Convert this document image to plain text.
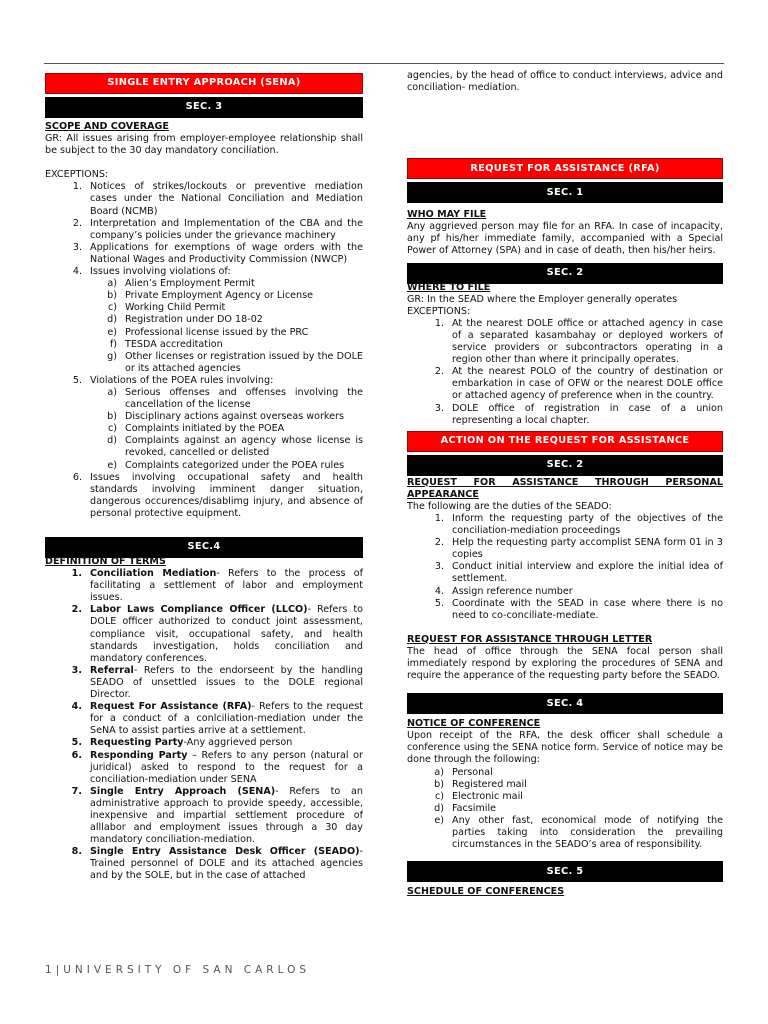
SINGLE ENTRY APPROACH (SENA)
SEC. 3
SCOPE AND COVERAGE
GR: All issues arising from employer-employee relationship shall be subject to the 30 day mandatory conciliation.
EXCEPTIONS:
1. Notices of strikes/lockouts or preventive mediation cases under the National Conciliation and Mediation Board (NCMB)
2. Interpretation and Implementation of the CBA and the company’s policies under the grievance machinery
3. Applications for exemptions of wage orders with the National Wages and Productivity Commission (NWCP)
4. Issues involving violations of:
a) Alien’s Employment Permit
b) Private Employment Agency or License
c) Working Child Permit
d) Registration under DO 18-02
e) Professional license issued by the PRC
f) TESDA accreditation
g) Other licenses or registration issued by the DOLE or its attached agencies
5. Violations of the POEA rules involving:
a) Serious offenses and offenses involving the cancellation of the license
b) Disciplinary actions against overseas workers
c) Complaints initiated by the POEA
d) Complaints against an agency whose license is revoked, cancelled or delisted
e) Complaints categorized under the POEA rules
6. Issues involving occupational safety and health standards involving imminent danger situation, dangerous occurences/disablimg injury, and absence of personal protective equipment.
SEC.4
DEFINITION OF TERMS
1. Conciliation Mediation- Refers to the process of facilitating a settlement of labor and employment issues.
2. Labor Laws Compliance Officer (LLCO)- Refers to DOLE officer authorized to conduct joint assessment, compliance visit, occupational safety, and health standards investigation, holds conciliation and mandatory conferences.
3. Referral- Refers to the endorseent by the handling SEADO of unsettled issues to the DOLE regional Director.
4. Request For Assistance (RFA)- Refers to the request for a conduct of a conlciliation-mediation under the SeNA to assist parties arrive at a settlement.
5. Requesting Party-Any aggrieved person
6. Responding Party – Refers to any person (natural or juridical) asked to respond to the request for a conciliation-mediation under SENA
7. Single Entry Approach (SENA)- Refers to an administrative approach to provide speedy, accessible, inexpensive and impartial settlement procedure of alllabor and employment issues through a 30 day mandatory conciliation-mediation.
8. Single Entry Assistance Desk Officer (SEADO)- Trained personnel of DOLE and its attached agencies and by the SOLE, but in the case of attached
agencies, by the head of office to conduct interviews, advice and conciliation- mediation.
REQUEST FOR ASSISTANCE (RFA)
SEC. 1
WHO MAY FILE
Any aggrieved person may file for an RFA. In case of incapacity, any pf his/her immediate family, accompanied with a Special Power of Attorney (SPA) and in case of death, then his/her heirs.
SEC. 2
WHERE TO FILE
GR: In the SEAD where the Employer generally operates
EXCEPTIONS:
1. At the nearest DOLE office or attached agency in case of a separated kasambahay or deployed workers of service providers or subcontractors operating in a region other than where it principally operates.
2. At the nearest POLO of the country of destination or embarkation in case of OFW or the nearest DOLE office or attached agency of preference when in the country.
3. DOLE office of registration in case of a union representing a local chapter.
ACTION ON THE REQUEST FOR ASSISTANCE
SEC. 2
REQUEST FOR ASSISTANCE THROUGH PERSONAL APPEARANCE
The following are the duties of the SEADO:
1. Inform the requesting party of the objectives of the conciliation-mediation proceedings
2. Help the requesting party accomplist SENA form 01 in 3 copies
3. Conduct initial interview and explore the initial idea of settlement.
4. Assign reference number
5. Coordinate with the SEAD in case where there is no need to co-conciliate-mediate.
REQUEST FOR ASSISTANCE THROUGH LETTER
The head of office through the SENA focal person shall immediately respond by exploring the procedures of SENA and require the apperance of the requesting party before the SEADO.
SEC. 4
NOTICE OF CONFERENCE
Upon receipt of the RFA, the desk officer shall schedule a conference using the SENA notice form. Service of notice may be done through the following:
a) Personal
b) Registered mail
c) Electronic mail
d) Facsimile
e) Any other fast, economical mode of notifying the parties taking into consideration the prevailing circumstances in the SEADO’s area of responsibility.
SEC. 5
SCHEDULE OF CONFERENCES
1|UNIVERSITY OF SAN CARLOS
